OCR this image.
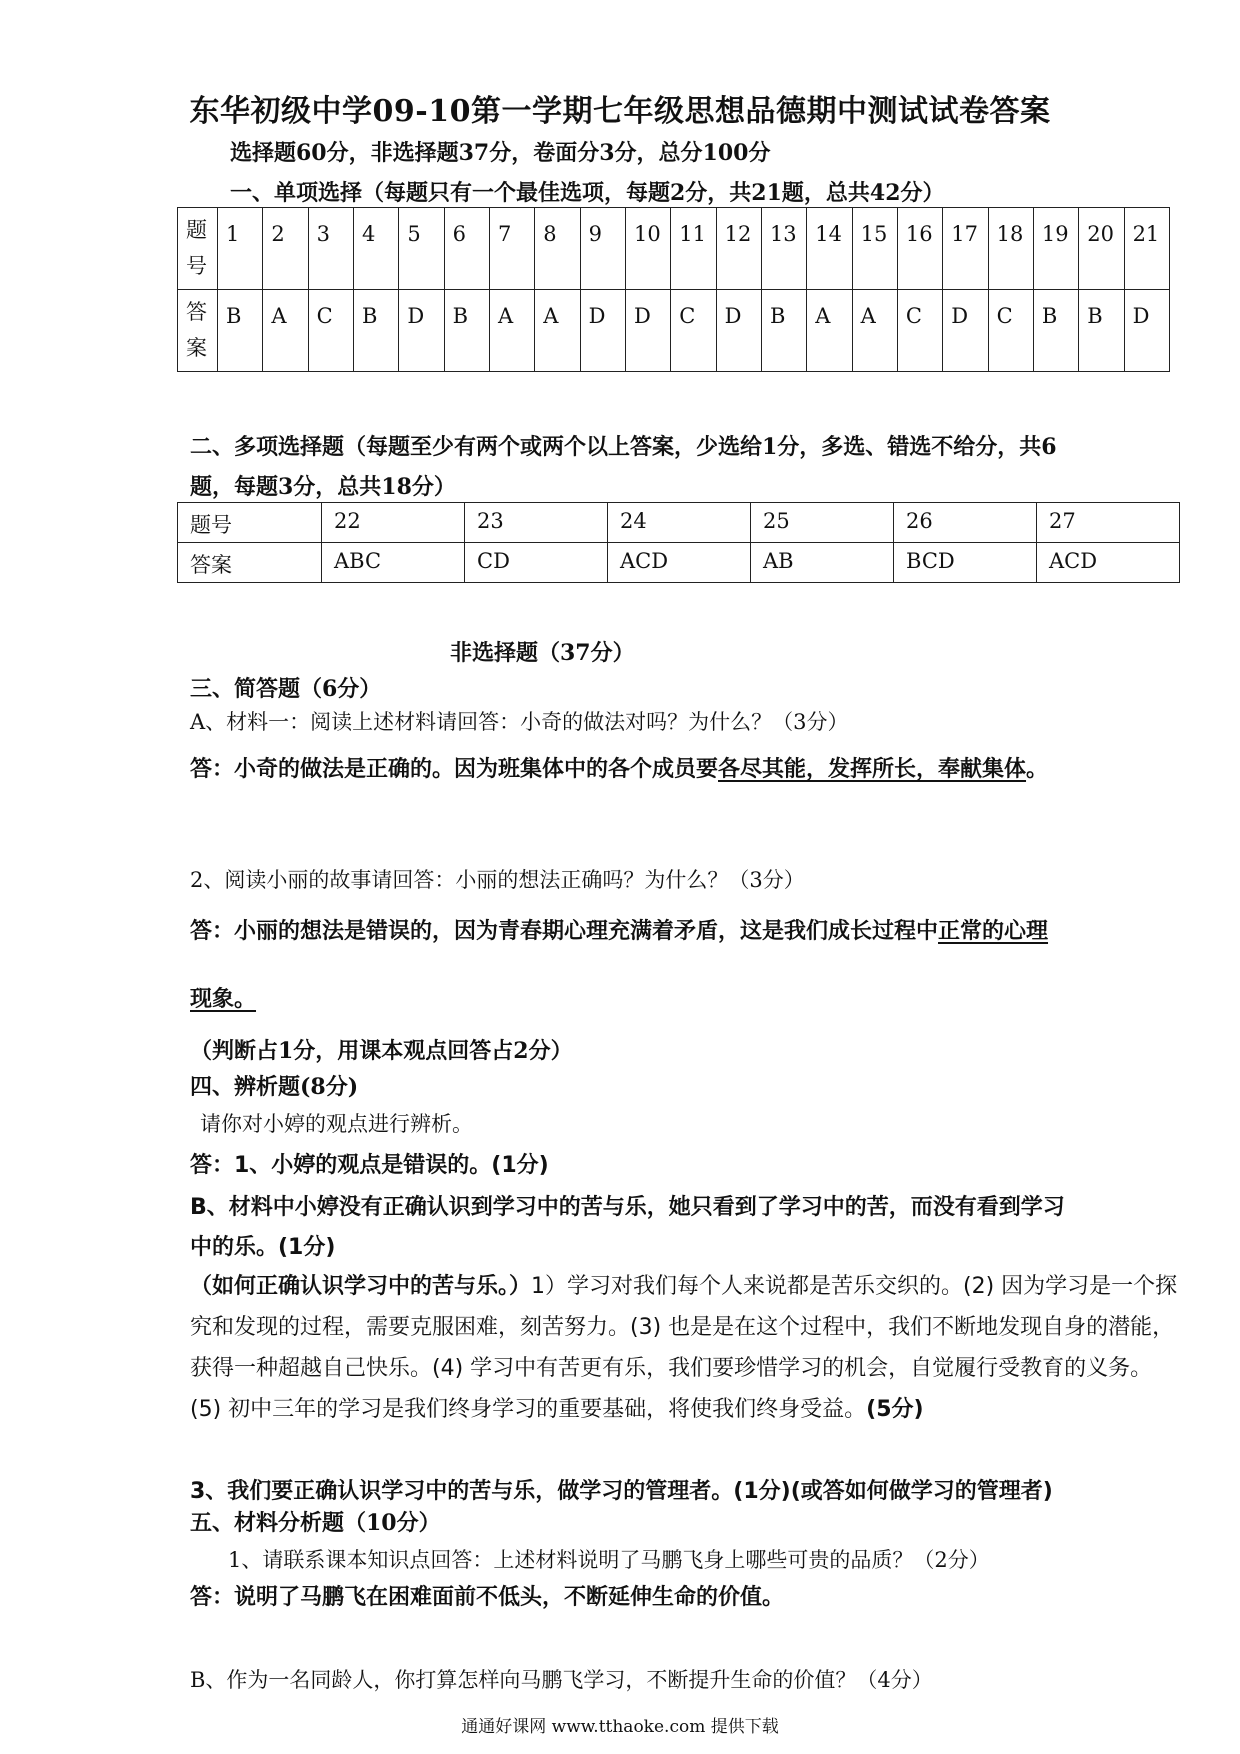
东华初级中学09-10第一学期七年级思想品德期中测试试卷答案
选择题60分，非选择题37分，卷面分3分，总分100分
一、单项选择（每题只有一个最佳选项，每题2分，共21题，总共42分）
题号	1	2	3	4	5	6	7	8	9	10	11	12	13	14	15	16	17	18	19	20	21
答案	B	A	C	B	D	B	A	A	D	D	C	D	B	A	A	C	D	C	B	B	D
二、多项选择题（每题至少有两个或两个以上答案，少选给1分，多选、错选不给分，共6
题，每题3分，总共18分）
题号	22	23	24	25	26	27
答案	ABC	CD	ACD	AB	BCD	ACD
非选择题（37分）
三、简答题（6分）
A、材料一：阅读上述材料请回答：小奇的做法对吗？为什么？（3分）
答：小奇的做法是正确的。因为班集体中的各个成员要各尽其能，发挥所长，奉献集体。
2、阅读小丽的故事请回答：小丽的想法正确吗？为什么？（3分）
答：小丽的想法是错误的，因为青春期心理充满着矛盾，这是我们成长过程中正常的心理
现象。
（判断占1分，用课本观点回答占2分）
四、辨析题(8分)
请你对小婷的观点进行辨析。
答：1、小婷的观点是错误的。(1分)
B、材料中小婷没有正确认识到学习中的苦与乐，她只看到了学习中的苦，而没有看到学习
中的乐。(1分)
（如何正确认识学习中的苦与乐。）1）学习对我们每个人来说都是苦乐交织的。(2) 因为学习是一个探究和发现的过程，需要克服困难，刻苦努力。(3) 也是是在这个过程中，我们不断地发现自身的潜能，获得一种超越自己快乐。(4) 学习中有苦更有乐，我们要珍惜学习的机会，自觉履行受教育的义务。(5) 初中三年的学习是我们终身学习的重要基础，将使我们终身受益。(5分)
3、我们要正确认识学习中的苦与乐，做学习的管理者。(1分)(或答如何做学习的管理者)
五、材料分析题（10分）
1、请联系课本知识点回答：上述材料说明了马鹏飞身上哪些可贵的品质？（2分）
答：说明了马鹏飞在困难面前不低头，不断延伸生命的价值。
B、作为一名同龄人，你打算怎样向马鹏飞学习，不断提升生命的价值？（4分）
通通好课网 www.tthaoke.com 提供下载
